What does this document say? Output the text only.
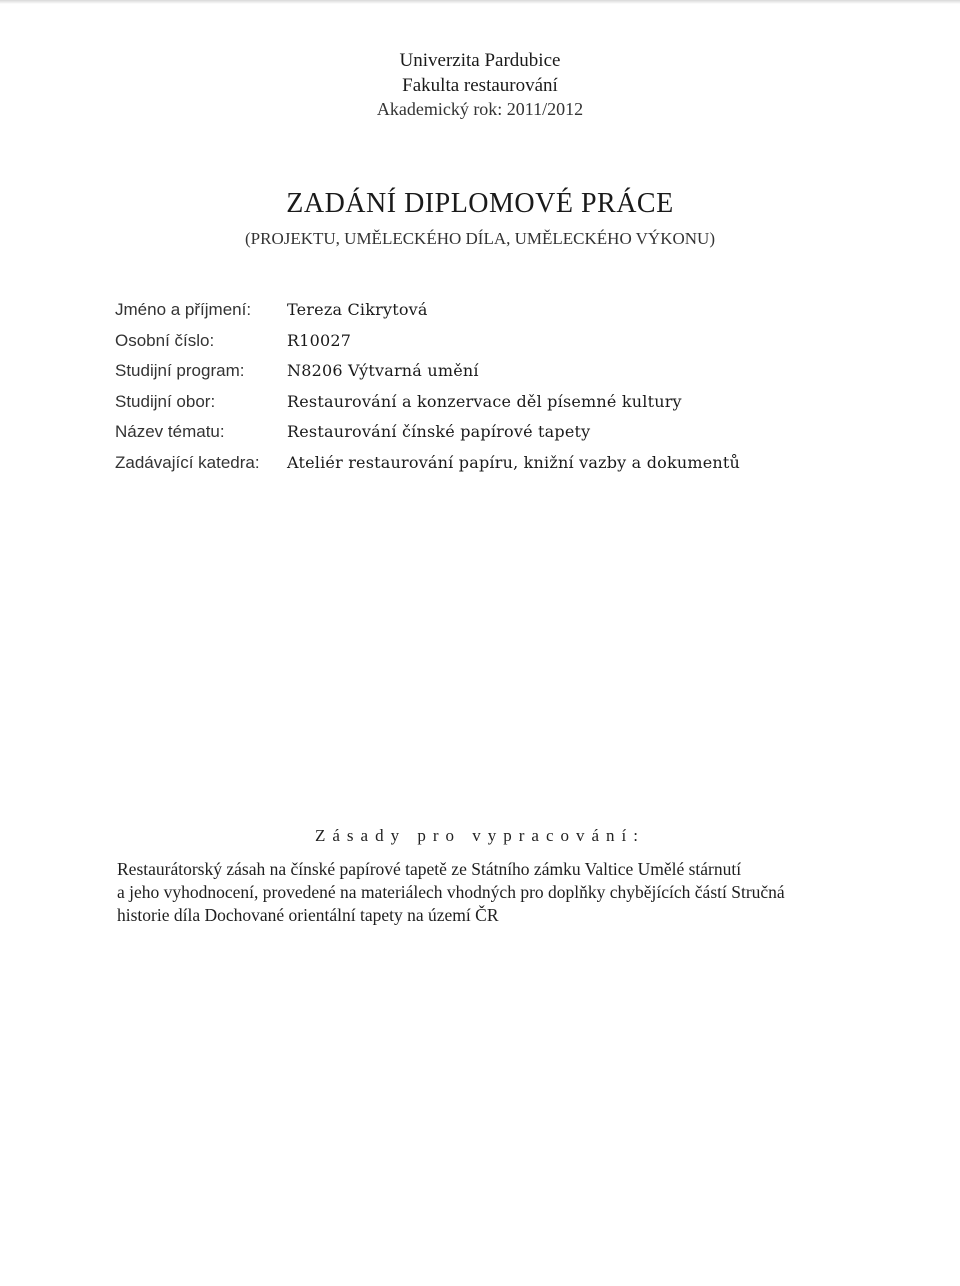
Univerzita Pardubice
Fakulta restaurování
Akademický rok: 2011/2012
ZADÁNÍ DIPLOMOVÉ PRÁCE
(PROJEKTU, UMĚLECKÉHO DÍLA, UMĚLECKÉHO VÝKONU)
Jméno a příjmení: Tereza Cikrytová
Osobní číslo:	R10027
Studijní program:	N8206 Výtvarná umění
Studijní obor:	Restaurování a konzervace děl písemné kultury
Název tématu:	Restaurování čínské papírové tapety
Zadávající katedra: Ateliér restaurování papíru, knižní vazby a dokumentů
Zásady pro vypracování:
Restaurátorský zásah na čínské papírové tapetě ze Státního zámku Valtice Umělé stárnutí
a jeho vyhodnocení, provedené na materiálech vhodných pro doplňky chybějících částí Stručná
historie díla Dochované orientální tapety na území ČR
